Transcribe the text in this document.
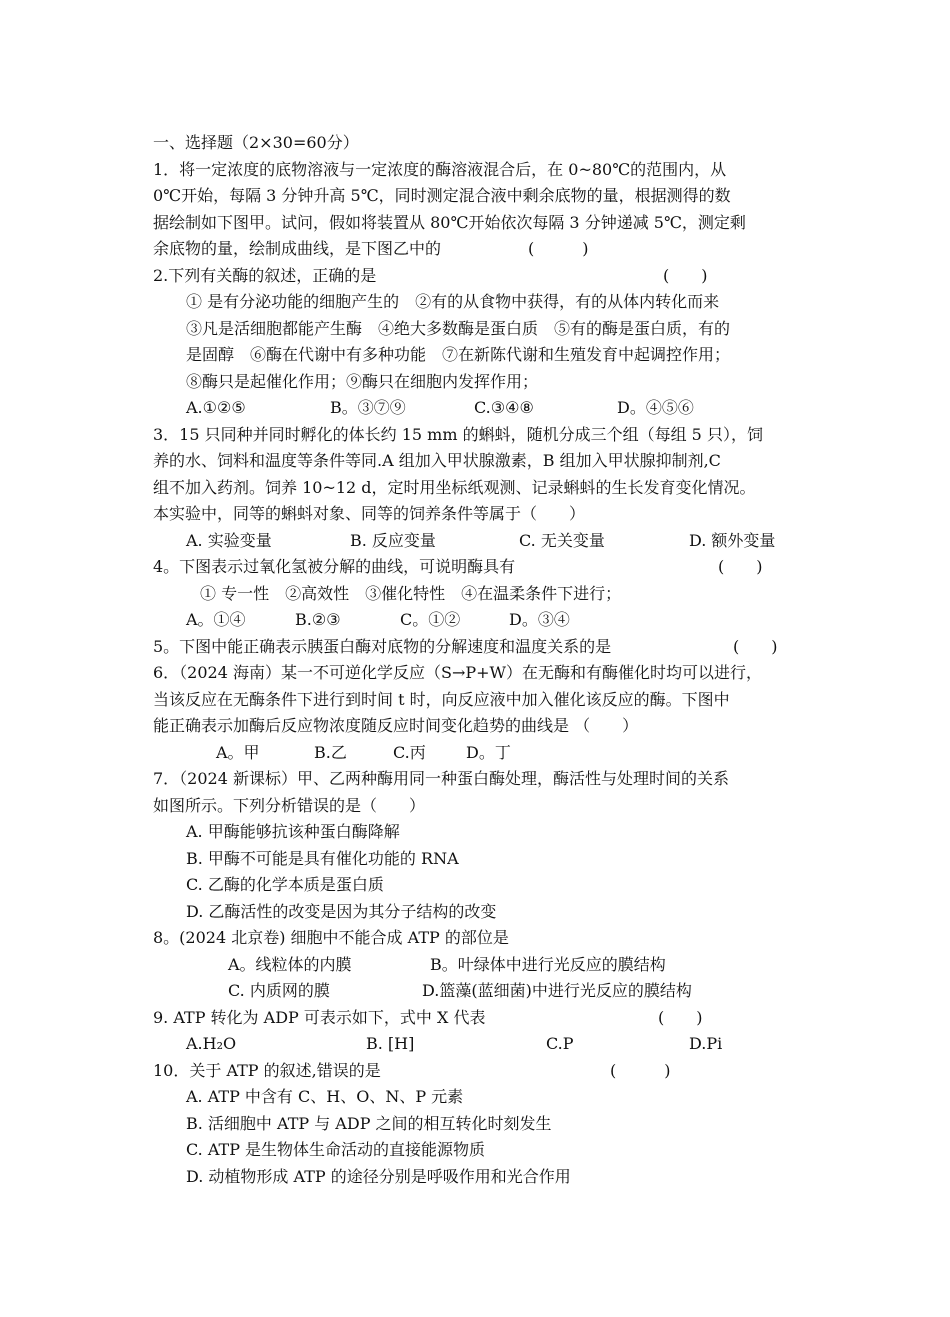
一、选择题（2×30=60分）
1．将一定浓度的底物溶液与一定浓度的酶溶液混合后，在 0~80℃的范围内，从
0℃开始，每隔 3 分钟升高 5℃，同时测定混合液中剩余底物的量，根据测得的数
据绘制如下图甲。试问，假如将装置从 80℃开始依次每隔 3 分钟递减 5℃，测定剩
余底物的量，绘制成曲线，是下图乙中的	(　　　)
2.下列有关酶的叙述，正确的是	(　　)
① 是有分泌功能的细胞产生的　②有的从食物中获得，有的从体内转化而来
③凡是活细胞都能产生酶　④绝大多数酶是蛋白质　⑤有的酶是蛋白质，有的
是固醇　⑥酶在代谢中有多种功能　⑦在新陈代谢和生殖发育中起调控作用；
⑧酶只是起催化作用；⑨酶只在细胞内发挥作用；
A.①②⑤	B。③⑦⑨	C.③④⑧	D。④⑤⑥
3．15 只同种并同时孵化的体长约 15 mm 的蝌蚪，随机分成三个组（每组 5 只），饲
养的水、饲料和温度等条件等同.A 组加入甲状腺激素，B 组加入甲状腺抑制剂,C
组不加入药剂。饲养 10~12 d，定时用坐标纸观测、记录蝌蚪的生长发育变化情况。
本实验中，同等的蝌蚪对象、同等的饲养条件等属于（　　）
A. 实验变量	B. 反应变量	C. 无关变量	D. 额外变量
4。下图表示过氧化氢被分解的曲线，可说明酶具有	(　　)
① 专一性　②高效性　③催化特性　④在温柔条件下进行；
A。①④	B.②③	C。①②	D。③④
5。下图中能正确表示胰蛋白酶对底物的分解速度和温度关系的是	(　　)
6．（2024 海南）某一不可逆化学反应（S→P+W）在无酶和有酶催化时均可以进行，
当该反应在无酶条件下进行到时间 t 时，向反应液中加入催化该反应的酶。下图中
能正确表示加酶后反应物浓度随反应时间变化趋势的曲线是 （　　）
A。甲	B.乙	C.丙	D。丁
7．（2024 新课标）甲、乙两种酶用同一种蛋白酶处理，酶活性与处理时间的关系
如图所示。下列分析错误的是（　　）
A. 甲酶能够抗该种蛋白酶降解
B. 甲酶不可能是具有催化功能的 RNA
C. 乙酶的化学本质是蛋白质
D. 乙酶活性的改变是因为其分子结构的改变
8。(2024 北京卷) 细胞中不能合成 ATP 的部位是
A。线粒体的内膜	B。叶绿体中进行光反应的膜结构
C. 内质网的膜	D.篮藻(蓝细菌)中进行光反应的膜结构
9. ATP 转化为 ADP 可表示如下，式中 X 代表	(　　)
A.H₂O	B. [H]	C.P	D.Pi
10．关于 ATP 的叙述,错误的是	(　　　)
A. ATP 中含有 C、H、O、N、P 元素
B. 活细胞中 ATP 与 ADP 之间的相互转化时刻发生
C. ATP 是生物体生命活动的直接能源物质
D. 动植物形成 ATP 的途径分别是呼吸作用和光合作用
